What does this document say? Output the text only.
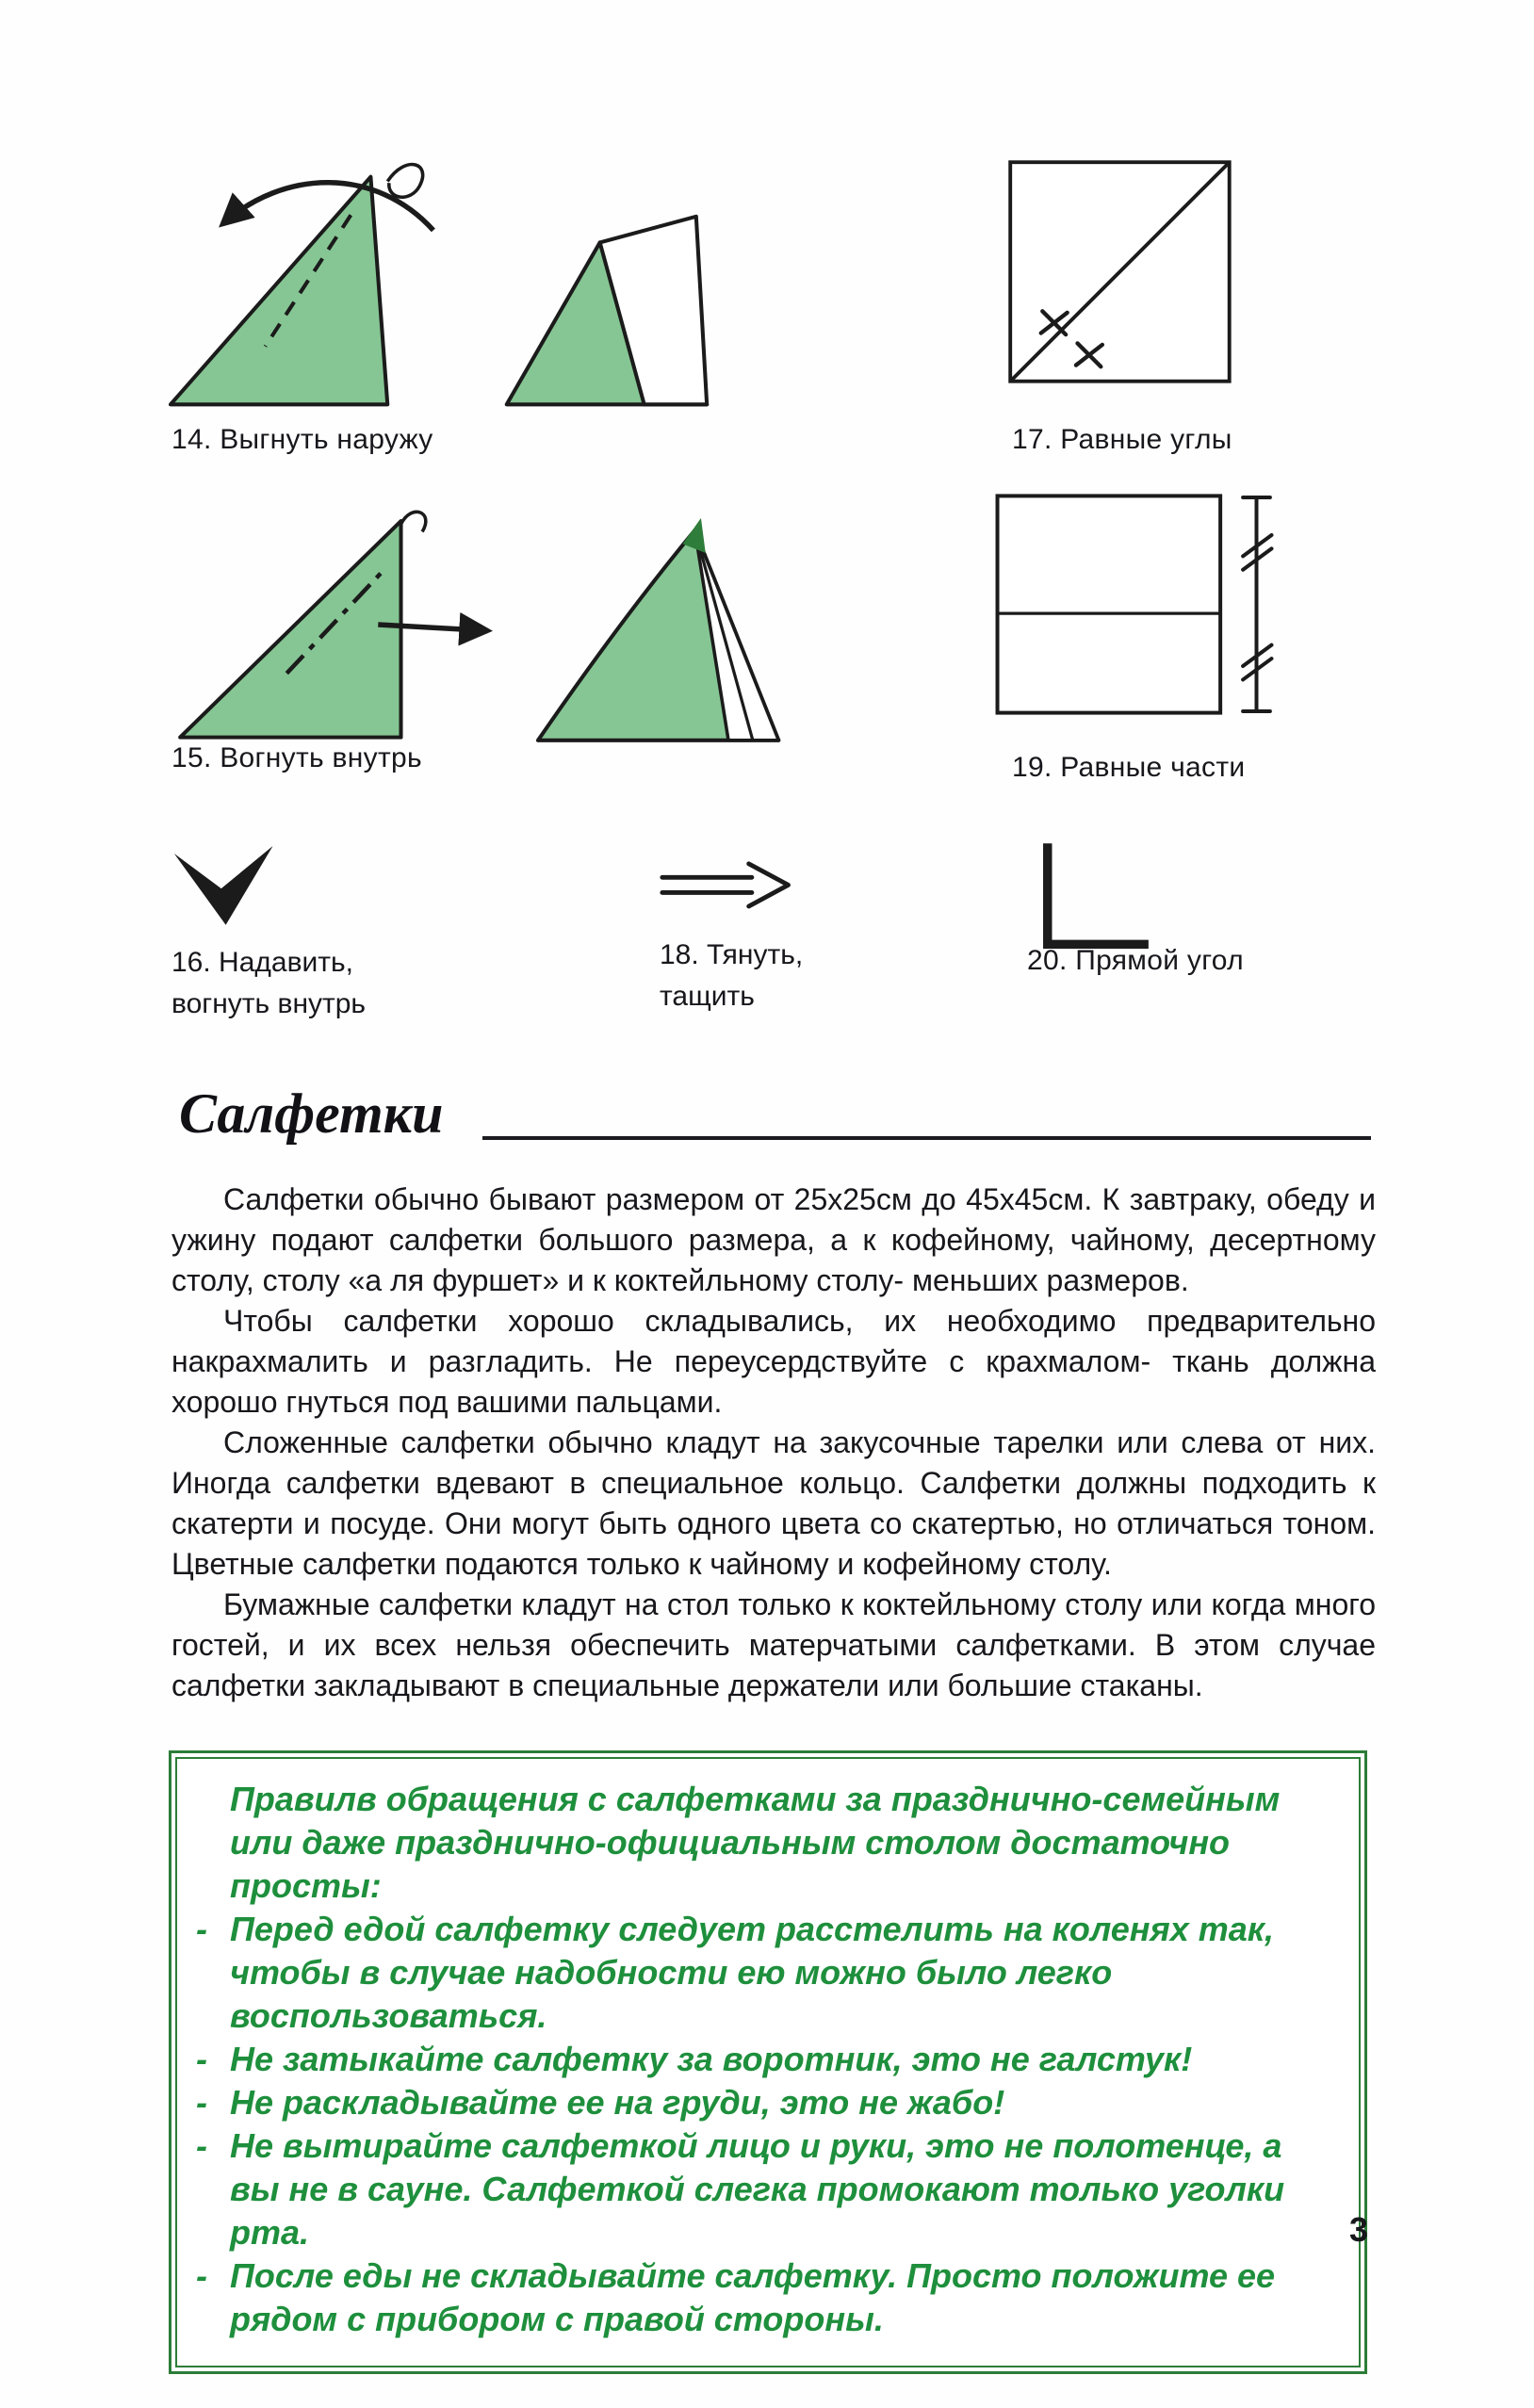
14. Выгнуть наружу	17. Равные углы
15. Вогнуть внутрь	19. Равные части
16. Надавить,
вогнуть внутрь
18. Тянуть,
тащить
20. Прямой угол
Салфетки

Салфетки обычно бывают размером от 25х25см до 45х45см. К завтраку, обеду и ужину подают салфетки большого размера, а к кофейному, чайному, десертному столу, столу «а ля фуршет» и к коктейльному столу- меньших размеров.

Чтобы салфетки хорошо складывались, их необходимо предварительно накрахмалить и разгладить. Не переусердствуйте с крахмалом- ткань должна хорошо гнуться под вашими пальцами.

Сложенные салфетки обычно кладут на закусочные тарелки или слева от них. Иногда салфетки вдевают в специальное кольцо. Салфетки должны подходить к скатерти и посуде. Они могут быть одного цвета со скатертью, но отличаться тоном. Цветные салфетки подаются только к чайному и кофейному столу.

Бумажные салфетки кладут на стол только к коктейльному столу или когда много гостей, и их всех нельзя обеспечить матерчатыми салфетками. В этом случае салфетки закладывают в специальные держатели или большие стаканы.

Правилв обращения с салфетками за празднично-семейным или даже празднично-официальным столом достаточно просты:
- Перед едой салфетку следует расстелить на коленях так, чтобы в случае надобности ею можно было легко воспользоваться.
- Не затыкайте салфетку за воротник, это не галстук!
- Не раскладывайте ее на груди, это не жабо!
- Не вытирайте салфеткой лицо и руки, это не полотенце, а вы не в сауне. Салфеткой слегка промокают только уголки рта.
- После еды не складывайте салфетку. Просто положите ее рядом с прибором с правой стороны.
3
